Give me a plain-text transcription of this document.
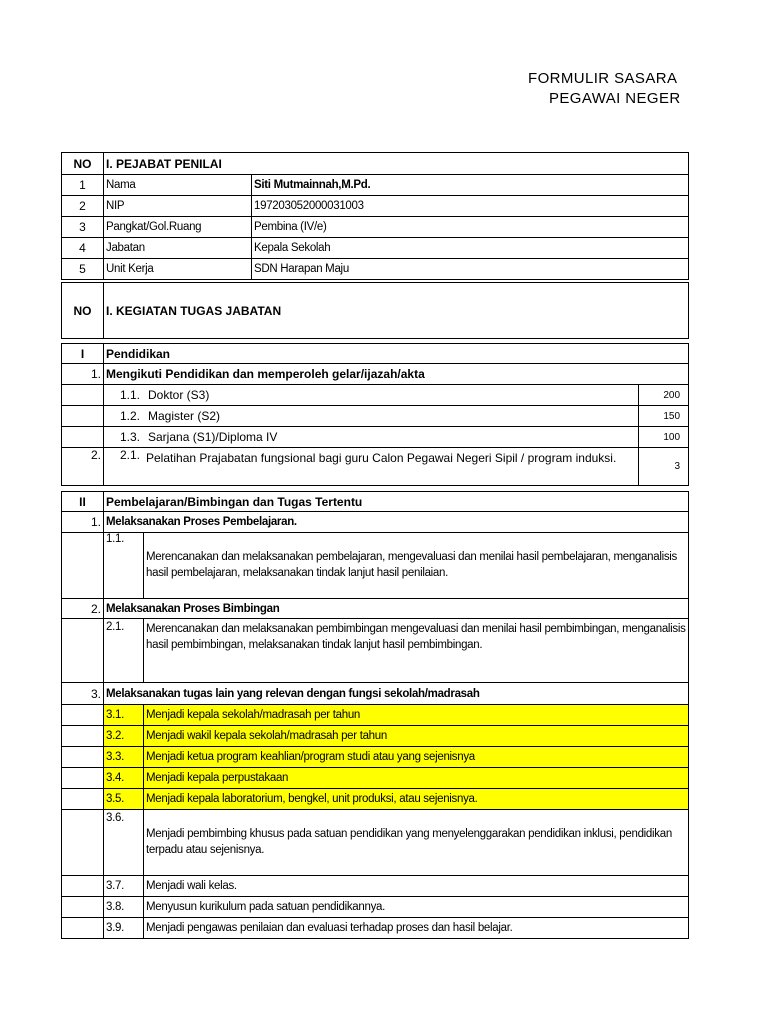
FORMULIR SASARA
PEGAWAI NEGER
NO	I. PEJABAT PENILAI	
1	Nama	Siti Mutmainnah,M.Pd.
2	NIP	197203052000031003
3	Pangkat/Gol.Ruang	Pembina (IV/e)
4	Jabatan	Kepala Sekolah
5	Unit Kerja	SDN Harapan Maju
NO	I. KEGIATAN TUGAS JABATAN		

I	Pendidikan		
1.	Mengikuti Pendidikan dan memperoleh gelar/ijazah/akta		
	1.1. Doktor (S3)		200
	1.2. Magister (S2)		150
	1.3. Sarjana (S1)/Diploma IV		100
2.	2.1. Pelatihan Prajabatan fungsional bagi guru Calon Pegawai Negeri Sipil / program induksi.		3

II	Pembelajaran/Bimbingan dan Tugas Tertentu		
1.	Melaksanakan Proses Pembelajaran.		
	1.1.	Merencanakan dan melaksanakan pembelajaran, mengevaluasi dan menilai hasil pembelajaran, menganalisis hasil pembelajaran, melaksanakan tindak lanjut hasil penilaian.	
2.	Melaksanakan Proses Bimbingan		
	2.1.	Merencanakan dan melaksanakan pembimbingan mengevaluasi dan menilai hasil pembimbingan, menganalisis hasil pembimbingan, melaksanakan tindak lanjut hasil pembimbingan.	
3.	Melaksanakan tugas lain yang relevan dengan fungsi sekolah/madrasah		
	3.1.	Menjadi kepala sekolah/madrasah per tahun	
	3.2.	Menjadi wakil kepala sekolah/madrasah per tahun	
	3.3.	Menjadi ketua program keahlian/program studi atau yang sejenisnya	
	3.4.	Menjadi kepala perpustakaan	
	3.5.	Menjadi kepala laboratorium, bengkel, unit produksi, atau sejenisnya.	
	3.6.	Menjadi pembimbing khusus pada satuan pendidikan yang menyelenggarakan pendidikan inklusi, pendidikan terpadu atau sejenisnya.	
	3.7.	Menjadi wali kelas.	
	3.8.	Menyusun kurikulum pada satuan pendidikannya.	
	3.9.	Menjadi pengawas penilaian dan evaluasi terhadap proses dan hasil belajar.	
